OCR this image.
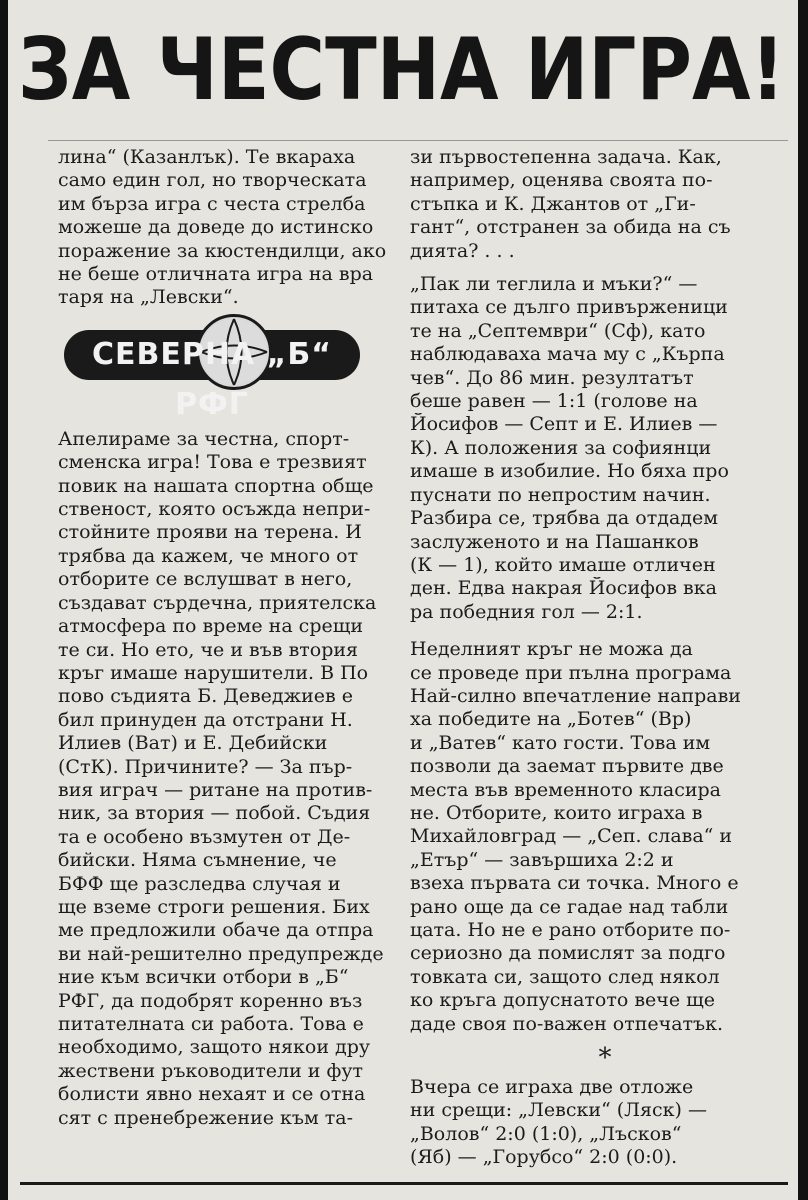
ЗА ЧЕСТНА ИГРА!
лина“ (Казанлък). Те вкараха
само един гол, но творческата
им бърза игра с честа стрелба
можеше да доведе до истинско
поражение за кюстендилци, ако
не беше отличната игра на вра
таря на „Левски“.
СЕВЕРНА „Б“ РФГ
Апелираме за честна, спорт-
сменска игра! Това е трезвият
повик на нашата спортна обще
ственост, която осъжда непри-
стойните прояви на терена. И
трябва да кажем, че много от
отборите се вслушват в него,
създават сърдечна, приятелска
атмосфера по време на срещи
те си. Но ето, че и във втория
кръг имаше нарушители. В По
пово съдията Б. Деведжиев е
бил принуден да отстрани Н.
Илиев (Ват) и Е. Дебийски
(СтК). Причините? — За пър-
вия играч — ритане на против-
ник, за втория — побой. Съдия
та е особено възмутен от Де-
бийски. Няма съмнение, че
БФФ ще разследва случая и
ще вземе строги решения. Бих
ме предложили обаче да отпра
ви най-решително предупрежде
ние към всички отбори в „Б“
РФГ, да подобрят коренно въз
питателната си работа. Това е
необходимо, защото някои дру
жествени ръководители и фут
болисти явно нехаят и се отна
сят с пренебрежение към та-
зи първостепенна задача. Как,
например, оценява своята по-
стъпка и К. Джантов от „Ги-
гант“, отстранен за обида на съ
дията? . . .
„Пак ли теглила и мъки?“ —
питаха се дълго привърженици
те на „Септември“ (Сф), като
наблюдаваха мача му с „Кърпа
чев“. До 86 мин. резултатът
беше равен — 1:1 (голове на
Йосифов — Септ и Е. Илиев —
К). А положения за софиянци
имаше в изобилие. Но бяха про
пуснати по непростим начин.
Разбира се, трябва да отдадем
заслуженото и на Пашанков
(К — 1), който имаше отличен
ден. Едва накрая Йосифов вка
ра победния гол — 2:1.
Неделният кръг не можа да
се проведе при пълна програма
Най-силно впечатление направи
ха победите на „Ботев“ (Вр)
и „Ватев“ като гости. Това им
позволи да заемат първите две
места във временното класира
не. Отборите, които играха в
Михайловград — „Сеп. слава“ и
„Етър“ — завършиха 2:2 и
взеха първата си точка. Много е
рано още да се гадае над табли
цата. Но не е рано отборите по-
сериозно да помислят за подго
товката си, защото след някол
ко кръга допуснатото вече ще
даде своя по-важен отпечатък.
*
Вчера се играха две отложе
ни срещи: „Левски“ (Ляск) —
„Волов“ 2:0 (1:0), „Лъсков“
(Яб) — „Горубсо“ 2:0 (0:0).
